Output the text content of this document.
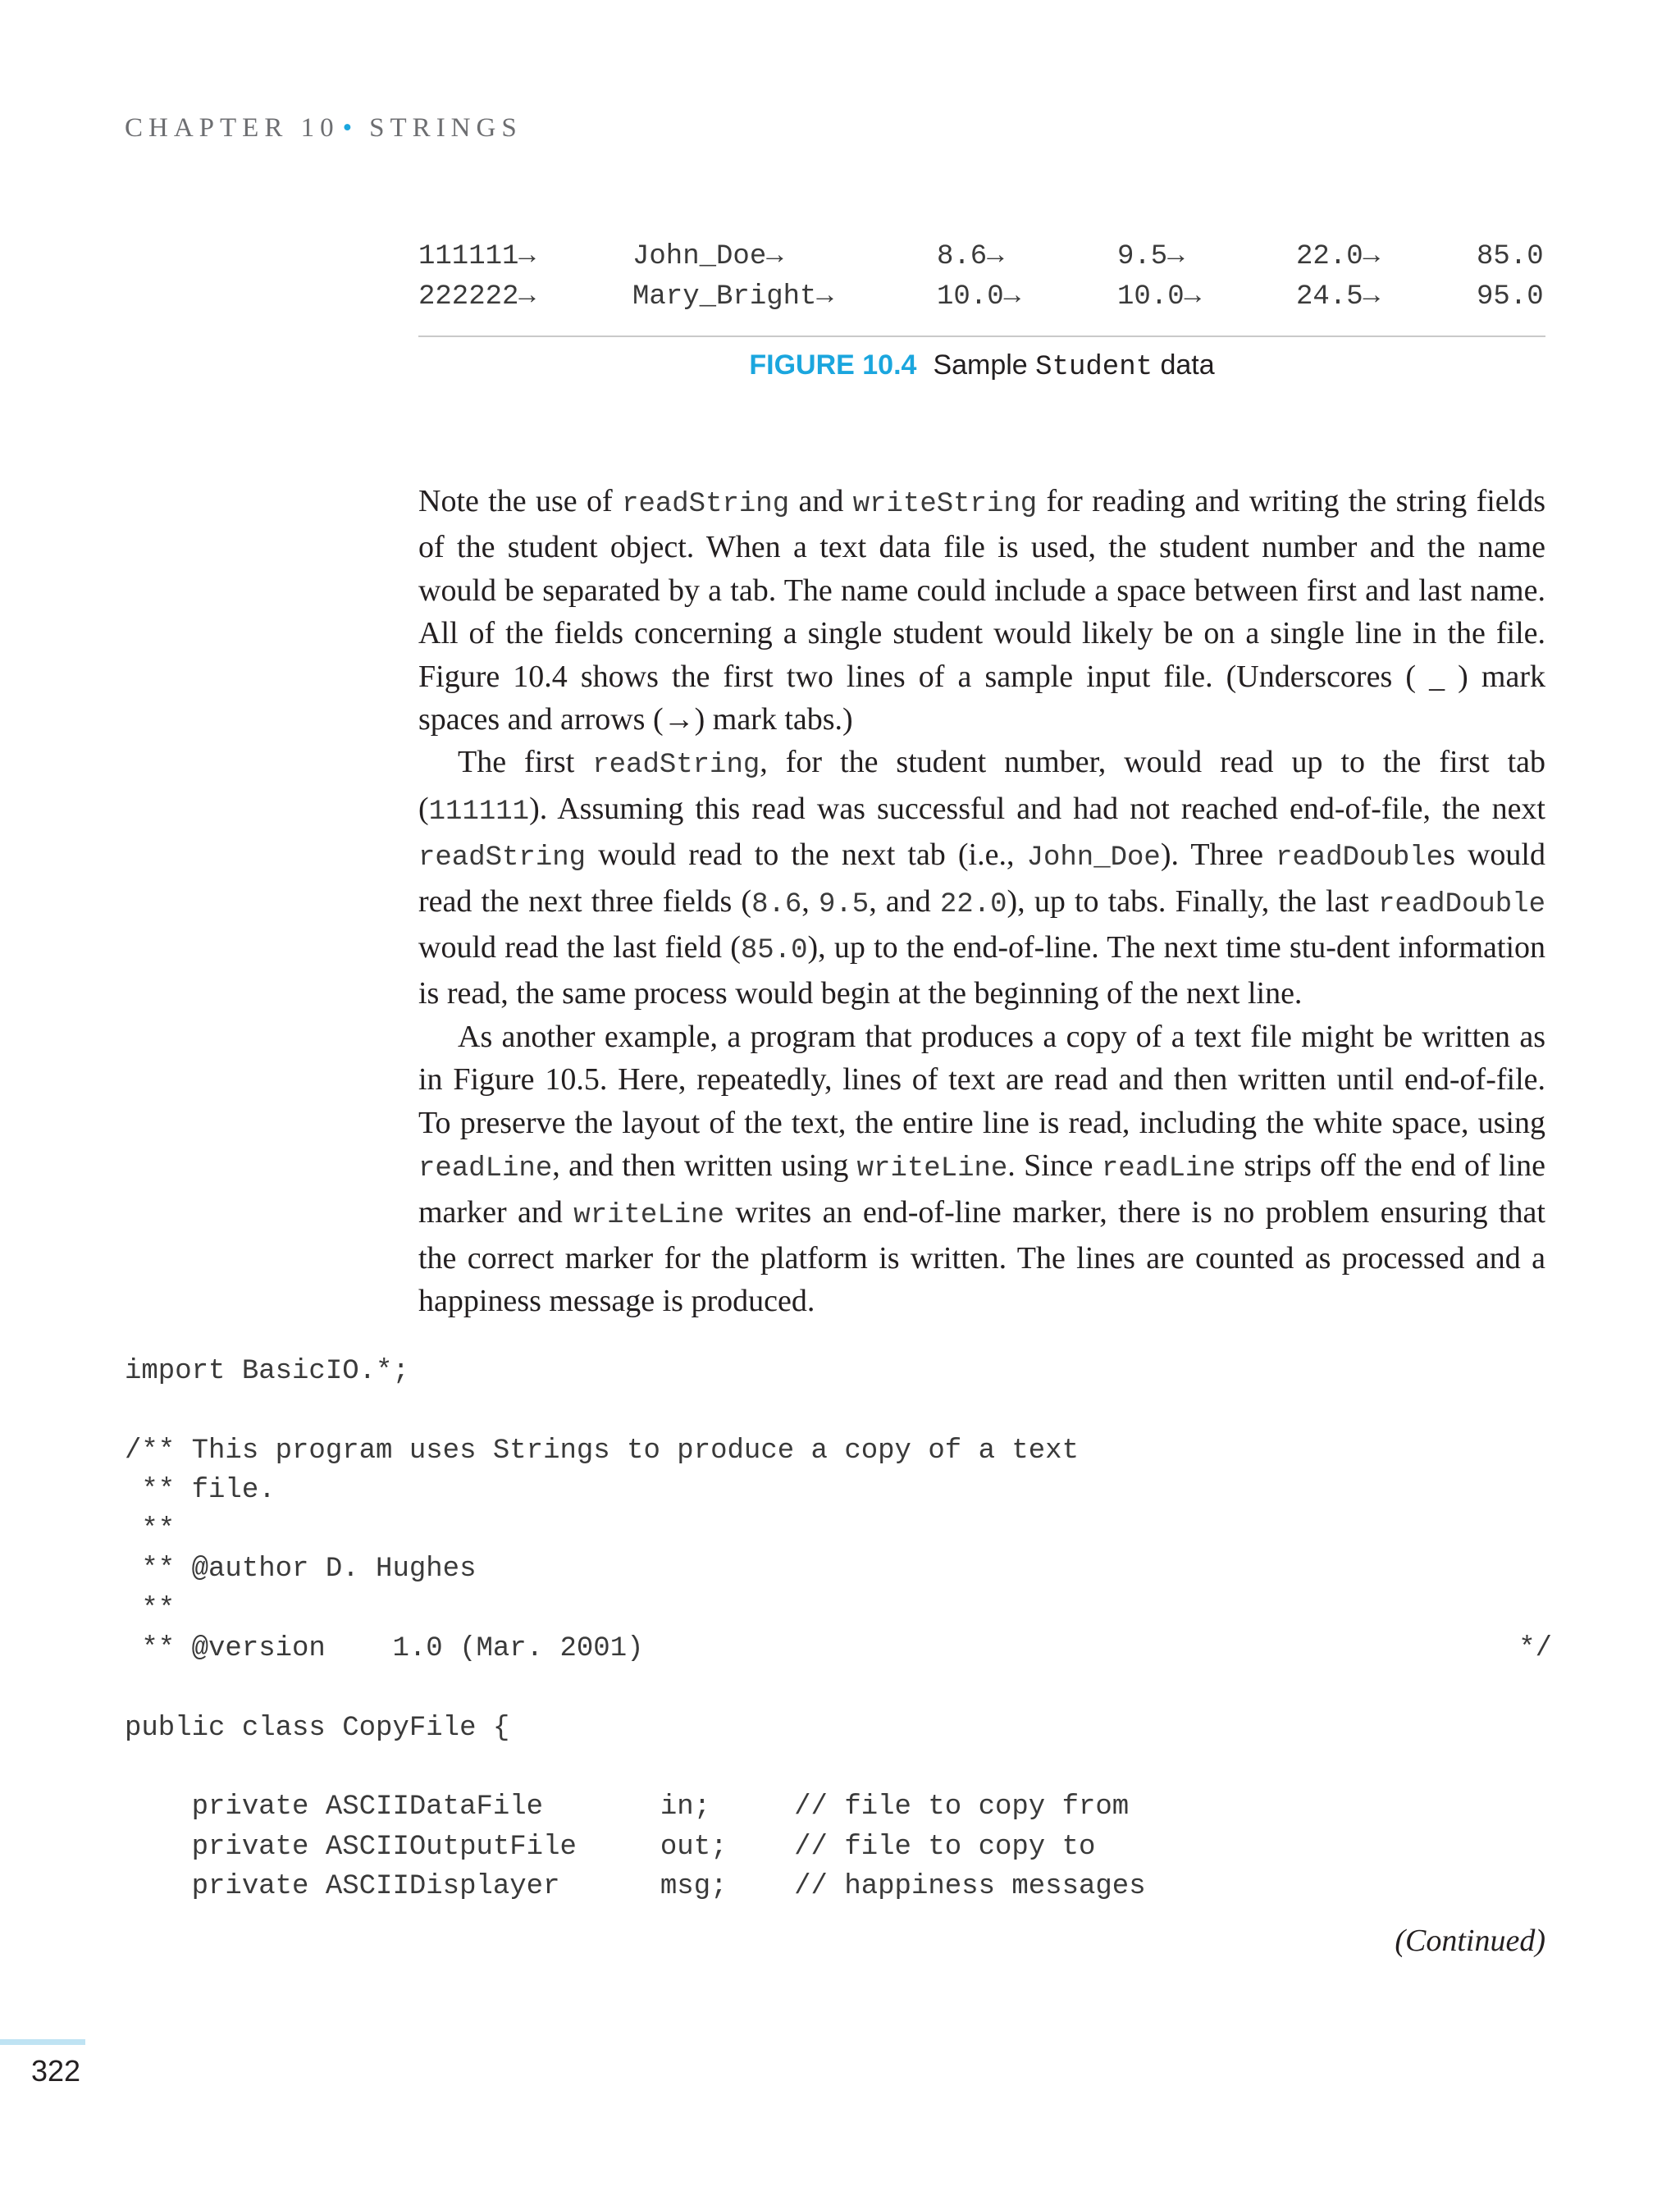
CHAPTER 10 • STRINGS
111111→	John_Doe→	8.6→	9.5→	22.0→	85.0
222222→	Mary_Bright→	10.0→	10.0→	24.5→	95.0
FIGURE 10.4 Sample Student data

Note the use of readString and writeString for reading and writing the string fields of the student object. When a text data file is used, the student number and the name would be separated by a tab. The name could include a space between first and last name. All of the fields concerning a single student would likely be on a single line in the file. Figure 10.4 shows the first two lines of a sample input file. (Underscores ( _ ) mark spaces and arrows (→) mark tabs.)

The first readString, for the student number, would read up to the first tab (111111). Assuming this read was successful and had not reached end-of-file, the next readString would read to the next tab (i.e., John_Doe). Three readDoubles would read the next three fields (8.6, 9.5, and 22.0), up to tabs. Finally, the last readDouble would read the last field (85.0), up to the end-of-line. The next time stu-dent information is read, the same process would begin at the beginning of the next line.

As another example, a program that produces a copy of a text file might be written as in Figure 10.5. Here, repeatedly, lines of text are read and then written until end-of-file. To preserve the layout of the text, the entire line is read, including the white space, using readLine, and then written using writeLine. Since readLine strips off the end of line marker and writeLine writes an end-of-line marker, there is no problem ensuring that the correct marker for the platform is written. The lines are counted as processed and a happiness message is produced.

import BasicIO.*;
/** This program uses Strings to produce a copy of a text
** file.
**
** @author D. Hughes
**
** @version    1.0 (Mar. 2001)	*/
public class CopyFile {
private ASCIIDataFile       in;     // file to copy from
private ASCIIOutputFile     out;    // file to copy to
private ASCIIDisplayer      msg;    // happiness messages
(Continued)
322
